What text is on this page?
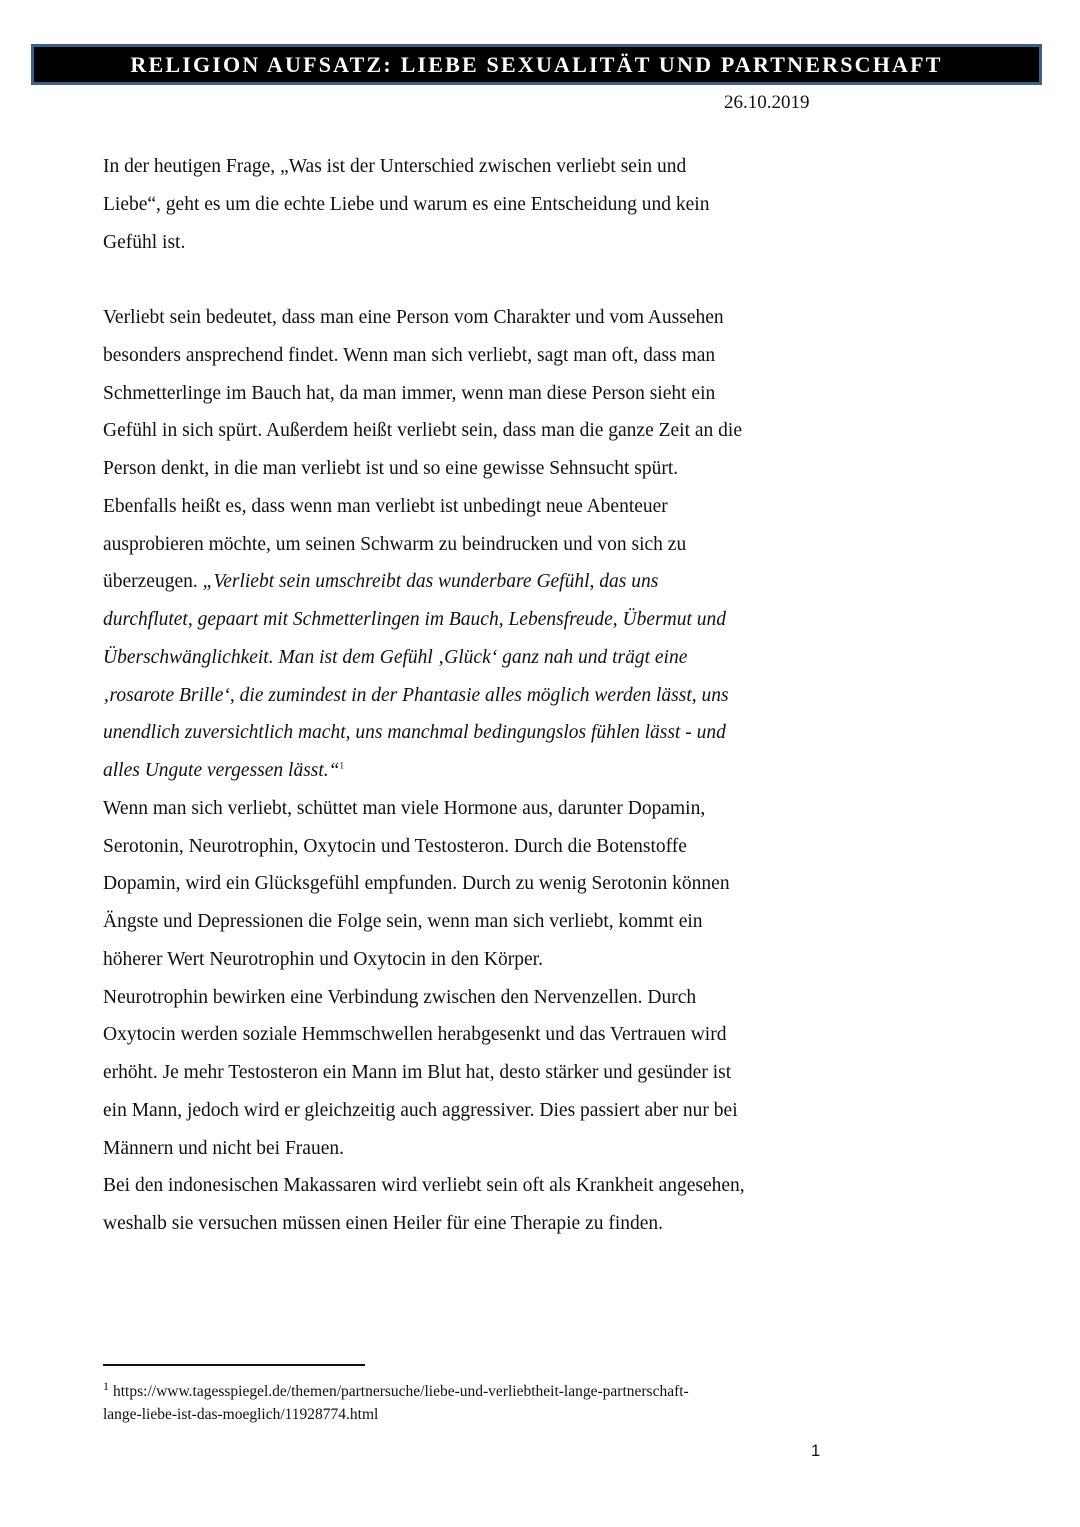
RELIGION AUFSATZ: LIEBE SEXUALITÄT UND PARTNERSCHAFT
26.10.2019

In der heutigen Frage, „Was ist der Unterschied zwischen verliebt sein und
Liebe“, geht es um die echte Liebe und warum es eine Entscheidung und kein
Gefühl ist.

Verliebt sein bedeutet, dass man eine Person vom Charakter und vom Aussehen
besonders ansprechend findet. Wenn man sich verliebt, sagt man oft, dass man
Schmetterlinge im Bauch hat, da man immer, wenn man diese Person sieht ein
Gefühl in sich spürt. Außerdem heißt verliebt sein, dass man die ganze Zeit an die
Person denkt, in die man verliebt ist und so eine gewisse Sehnsucht spürt.
Ebenfalls heißt es, dass wenn man verliebt ist unbedingt neue Abenteuer
ausprobieren möchte, um seinen Schwarm zu beindrucken und von sich zu
überzeugen. „Verliebt sein umschreibt das wunderbare Gefühl, das uns
durchflutet, gepaart mit Schmetterlingen im Bauch, Lebensfreude, Übermut und
Überschwänglichkeit. Man ist dem Gefühl ‚Glück‘ ganz nah und trägt eine
‚rosarote Brille‘, die zumindest in der Phantasie alles möglich werden lässt, uns
unendlich zuversichtlich macht, uns manchmal bedingungslos fühlen lässt - und
alles Ungute vergessen lässt.“$^1$
Wenn man sich verliebt, schüttet man viele Hormone aus, darunter Dopamin,
Serotonin, Neurotrophin, Oxytocin und Testosteron. Durch die Botenstoffe
Dopamin, wird ein Glücksgefühl empfunden. Durch zu wenig Serotonin können
Ängste und Depressionen die Folge sein, wenn man sich verliebt, kommt ein
höherer Wert Neurotrophin und Oxytocin in den Körper.
Neurotrophin bewirken eine Verbindung zwischen den Nervenzellen. Durch
Oxytocin werden soziale Hemmschwellen herabgesenkt und das Vertrauen wird
erhöht. Je mehr Testosteron ein Mann im Blut hat, desto stärker und gesünder ist
ein Mann, jedoch wird er gleichzeitig auch aggressiver. Dies passiert aber nur bei
Männern und nicht bei Frauen.
Bei den indonesischen Makassaren wird verliebt sein oft als Krankheit angesehen,
weshalb sie versuchen müssen einen Heiler für eine Therapie zu finden.

$^1$ https://www.tagesspiegel.de/themen/partnersuche/liebe-und-verliebtheit-lange-partnerschaft-
lange-liebe-ist-das-moeglich/11928774.html
1
